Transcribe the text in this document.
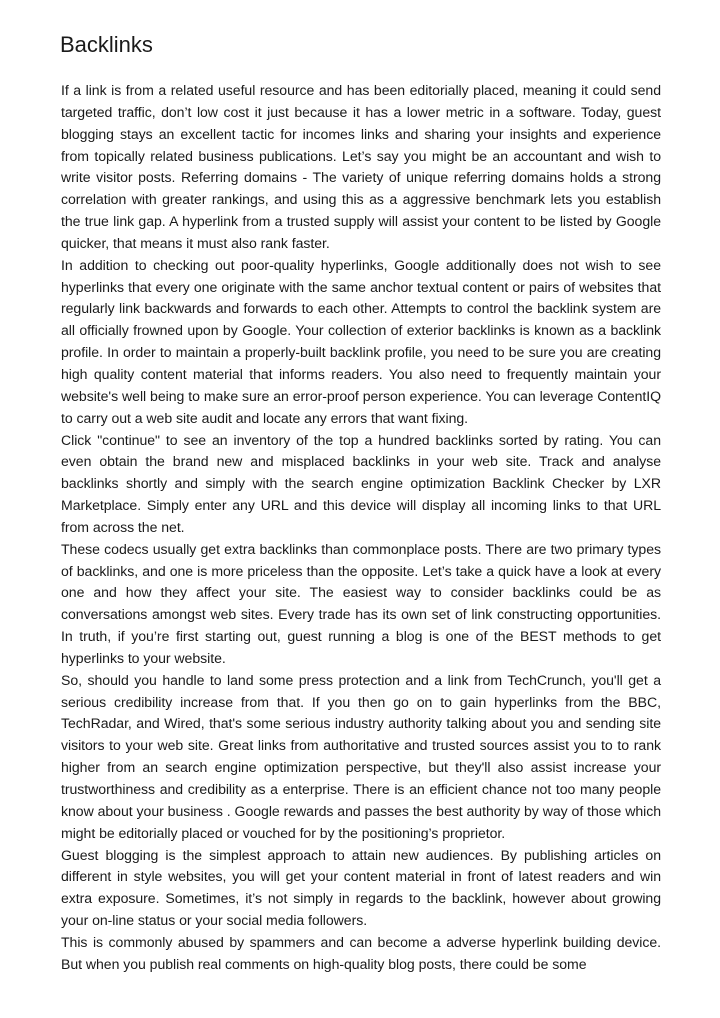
Backlinks

If a link is from a related useful resource and has been editorially placed, meaning it could send targeted traffic, don’t low cost it just because it has a lower metric in a software. Today, guest blogging stays an excellent tactic for incomes links and sharing your insights and experience from topically related business publications. Let’s say you might be an accountant and wish to write visitor posts. Referring domains - The variety of unique referring domains holds a strong correlation with greater rankings, and using this as a aggressive benchmark lets you establish the true link gap. A hyperlink from a trusted supply will assist your content to be listed by Google quicker, that means it must also rank faster.

In addition to checking out poor-quality hyperlinks, Google additionally does not wish to see hyperlinks that every one originate with the same anchor textual content or pairs of websites that regularly link backwards and forwards to each other. Attempts to control the backlink system are all officially frowned upon by Google. Your collection of exterior backlinks is known as a backlink profile. In order to maintain a properly-built backlink profile, you need to be sure you are creating high quality content material that informs readers. You also need to frequently maintain your website's well being to make sure an error-proof person experience. You can leverage ContentIQ to carry out a web site audit and locate any errors that want fixing.

Click "continue" to see an inventory of the top a hundred backlinks sorted by rating. You can even obtain the brand new and misplaced backlinks in your web site. Track and analyse backlinks shortly and simply with the search engine optimization Backlink Checker by LXR Marketplace. Simply enter any URL and this device will display all incoming links to that URL from across the net.

These codecs usually get extra backlinks than commonplace posts. There are two primary types of backlinks, and one is more priceless than the opposite. Let’s take a quick have a look at every one and how they affect your site. The easiest way to consider backlinks could be as conversations amongst web sites. Every trade has its own set of link constructing opportunities. In truth, if you’re first starting out, guest running a blog is one of the BEST methods to get hyperlinks to your website.

So, should you handle to land some press protection and a link from TechCrunch, you'll get a serious credibility increase from that. If you then go on to gain hyperlinks from the BBC, TechRadar, and Wired, that's some serious industry authority talking about you and sending site visitors to your web site. Great links from authoritative and trusted sources assist you to to rank higher from an search engine optimization perspective, but they'll also assist increase your trustworthiness and credibility as a enterprise. There is an efficient chance not too many people know about your business . Google rewards and passes the best authority by way of those which might be editorially placed or vouched for by the positioning’s proprietor.

Guest blogging is the simplest approach to attain new audiences. By publishing articles on different in style websites, you will get your content material in front of latest readers and win extra exposure. Sometimes, it’s not simply in regards to the backlink, however about growing your on-line status or your social media followers.

This is commonly abused by spammers and can become a adverse hyperlink building device. But when you publish real comments on high-quality blog posts, there could be some
